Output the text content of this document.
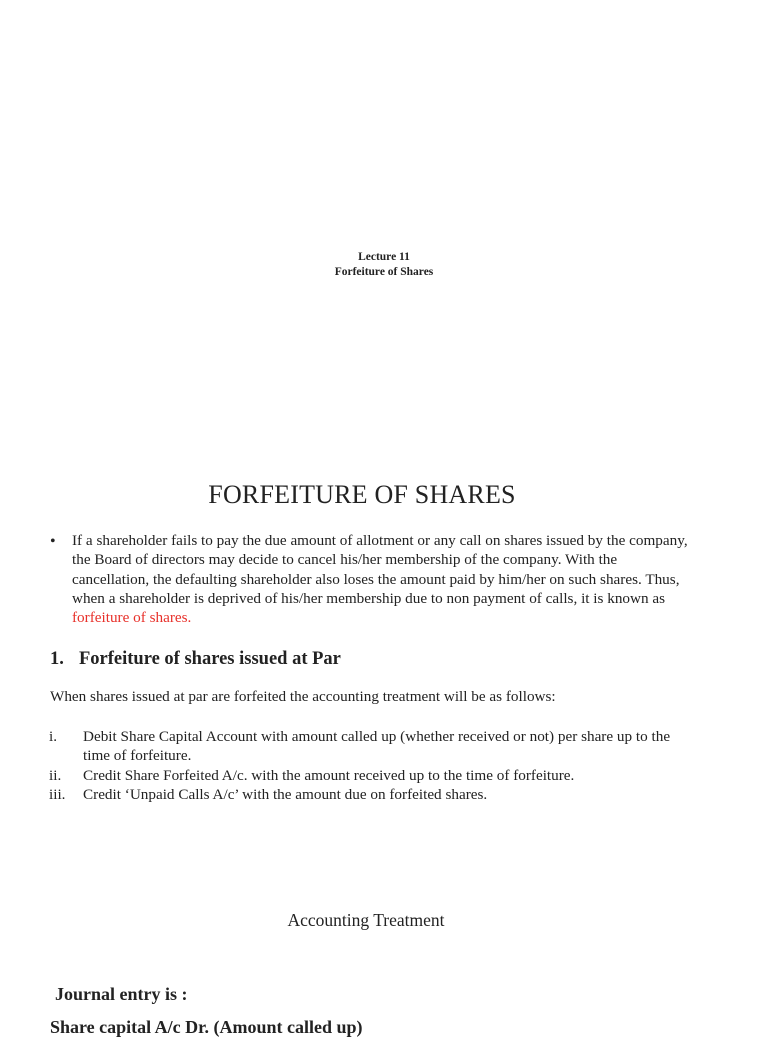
Lecture 11
Forfeiture of Shares
FORFEITURE OF SHARES
• If a shareholder fails to pay the due amount of allotment or any call on shares issued by the company, the Board of directors may decide to cancel his/her membership of the company. With the cancellation, the defaulting shareholder also loses the amount paid by him/her on such shares. Thus, when a shareholder is deprived of his/her membership due to non payment of calls, it is known as forfeiture of shares.
1. Forfeiture of shares issued at Par
When shares issued at par are forfeited the accounting treatment will be as follows:
i. Debit Share Capital Account with amount called up (whether received or not) per share up to the time of forfeiture.
ii. Credit Share Forfeited A/c. with the amount received up to the time of forfeiture.
iii. Credit ‘Unpaid Calls A/c’ with the amount due on forfeited shares.
Accounting Treatment
Journal entry is :
Share capital A/c Dr. (Amount called up)
